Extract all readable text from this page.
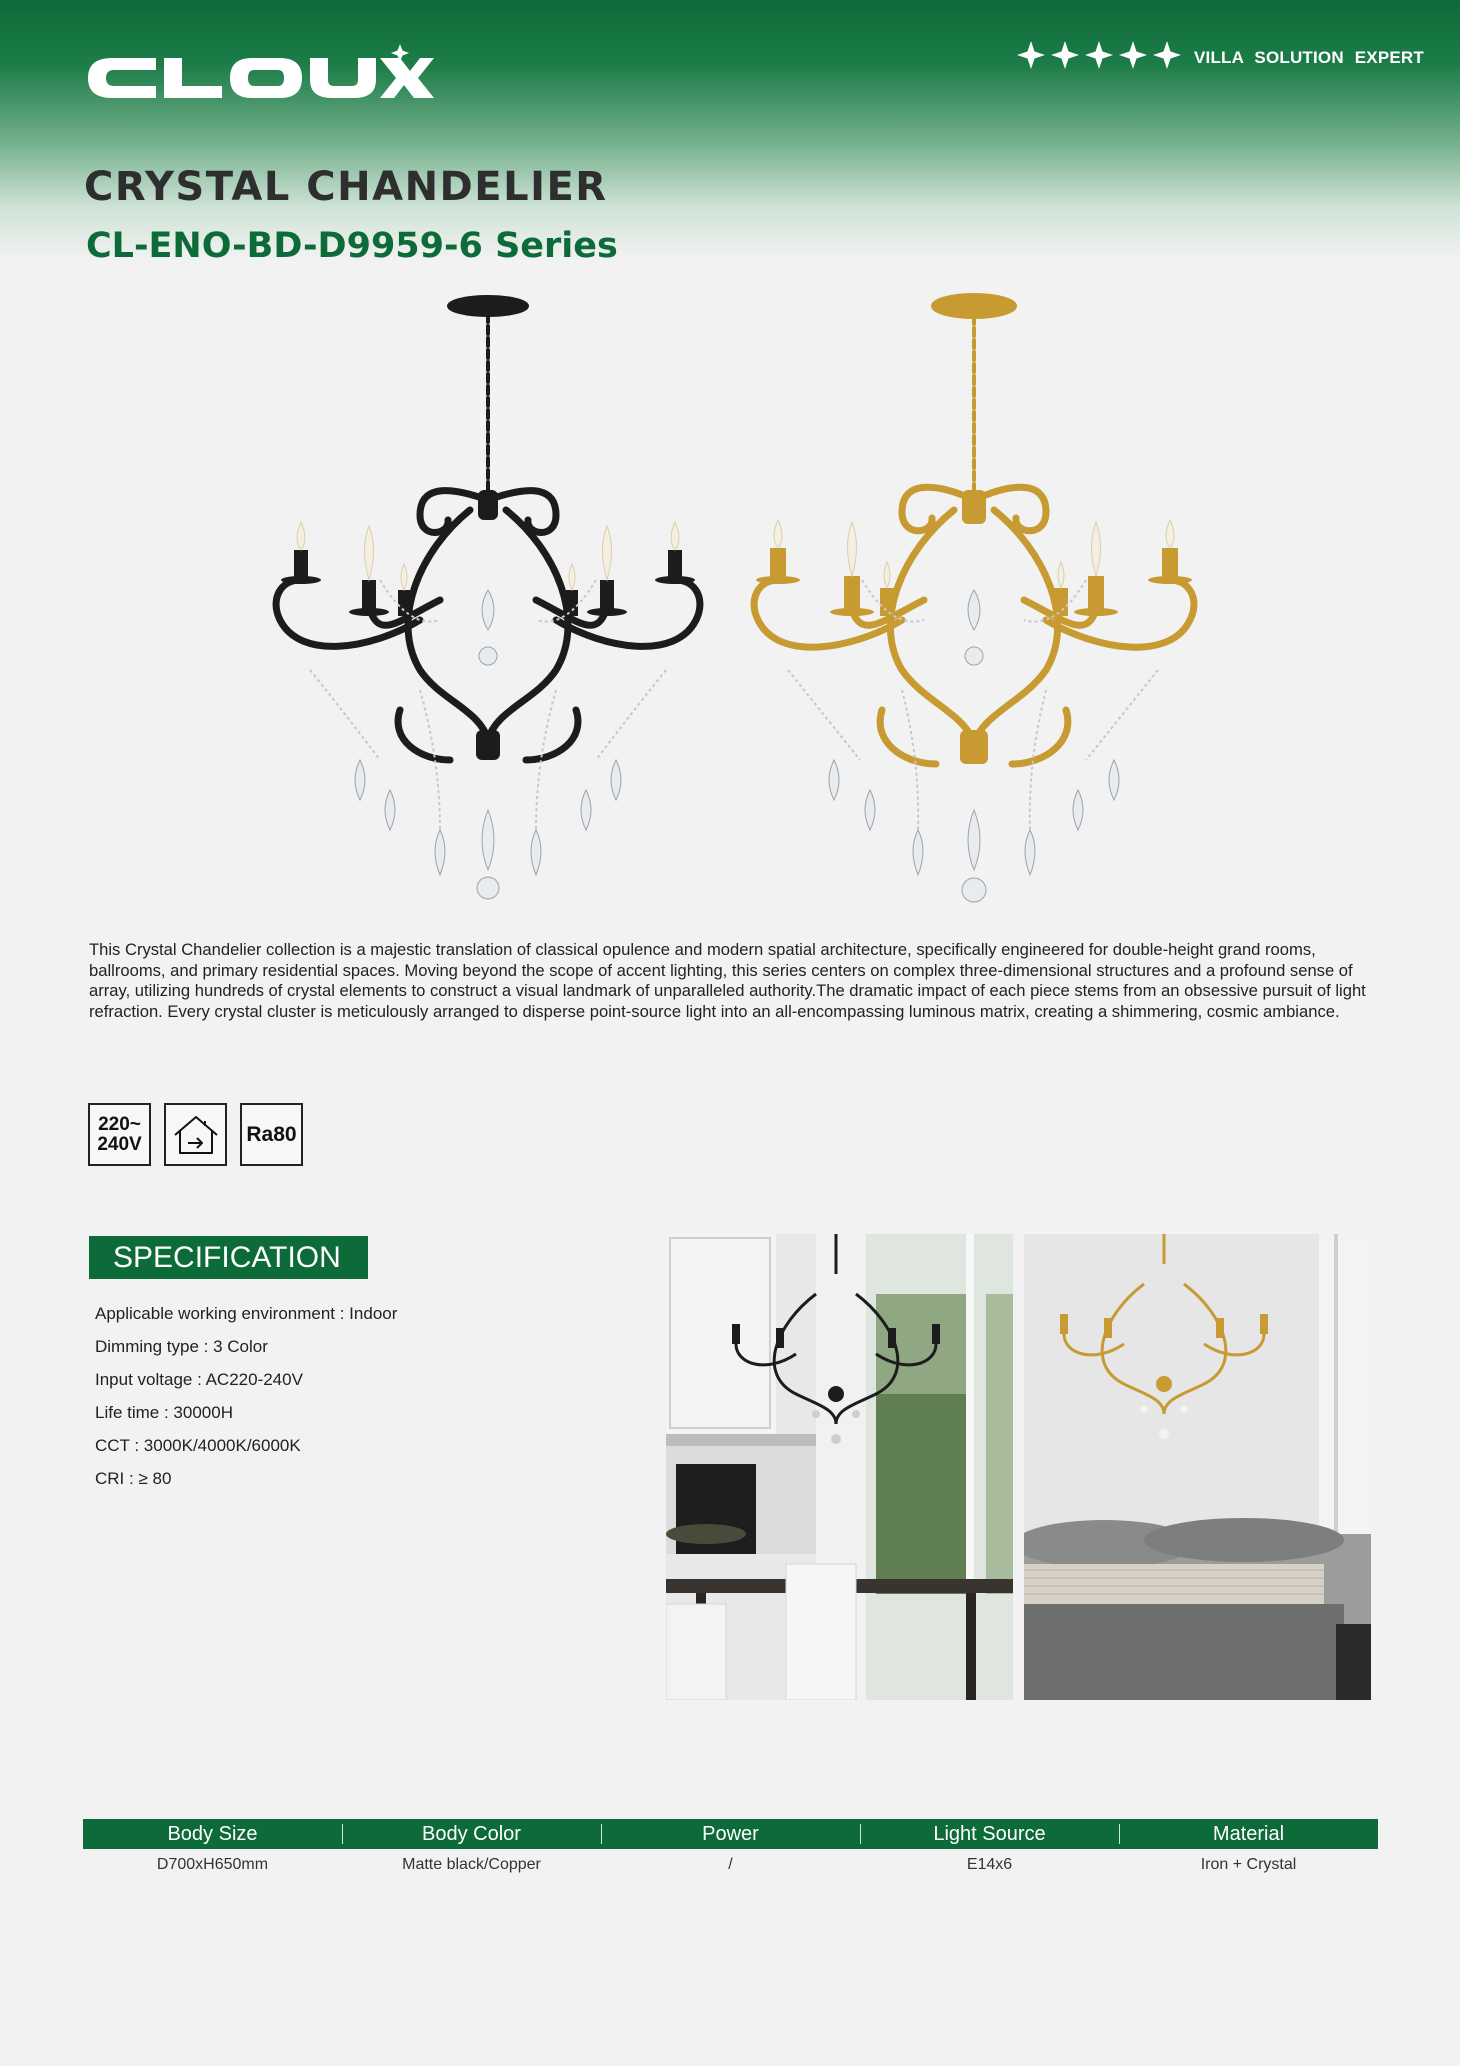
VILLA SOLUTION EXPERT
CRYSTAL CHANDELIER
CL-ENO-BD-D9959-6 Series

This Crystal Chandelier collection is a majestic translation of classical opulence and modern spatial architecture, specifically engineered for double-height grand rooms, ballrooms, and primary residential spaces. Moving beyond the scope of accent lighting, this series centers on complex three-dimensional structures and a profound sense of array, utilizing hundreds of crystal elements to construct a visual landmark of unparalleled authority.The dramatic impact of each piece stems from an obsessive pursuit of light refraction. Every crystal cluster is meticulously arranged to disperse point-source light into an all-encompassing luminous matrix, creating a shimmering, cosmic ambiance.

220~
240V	Ra80
SPECIFICATION
Applicable working environment : Indoor
Dimming type : 3 Color
Input voltage : AC220-240V
Life time : 30000H
CCT : 3000K/4000K/6000K
CRI : ≥ 80
Body Size	Body Color	Power	Light Source	Material
D700xH650mm	Matte black/Copper	/	E14x6	Iron + Crystal
